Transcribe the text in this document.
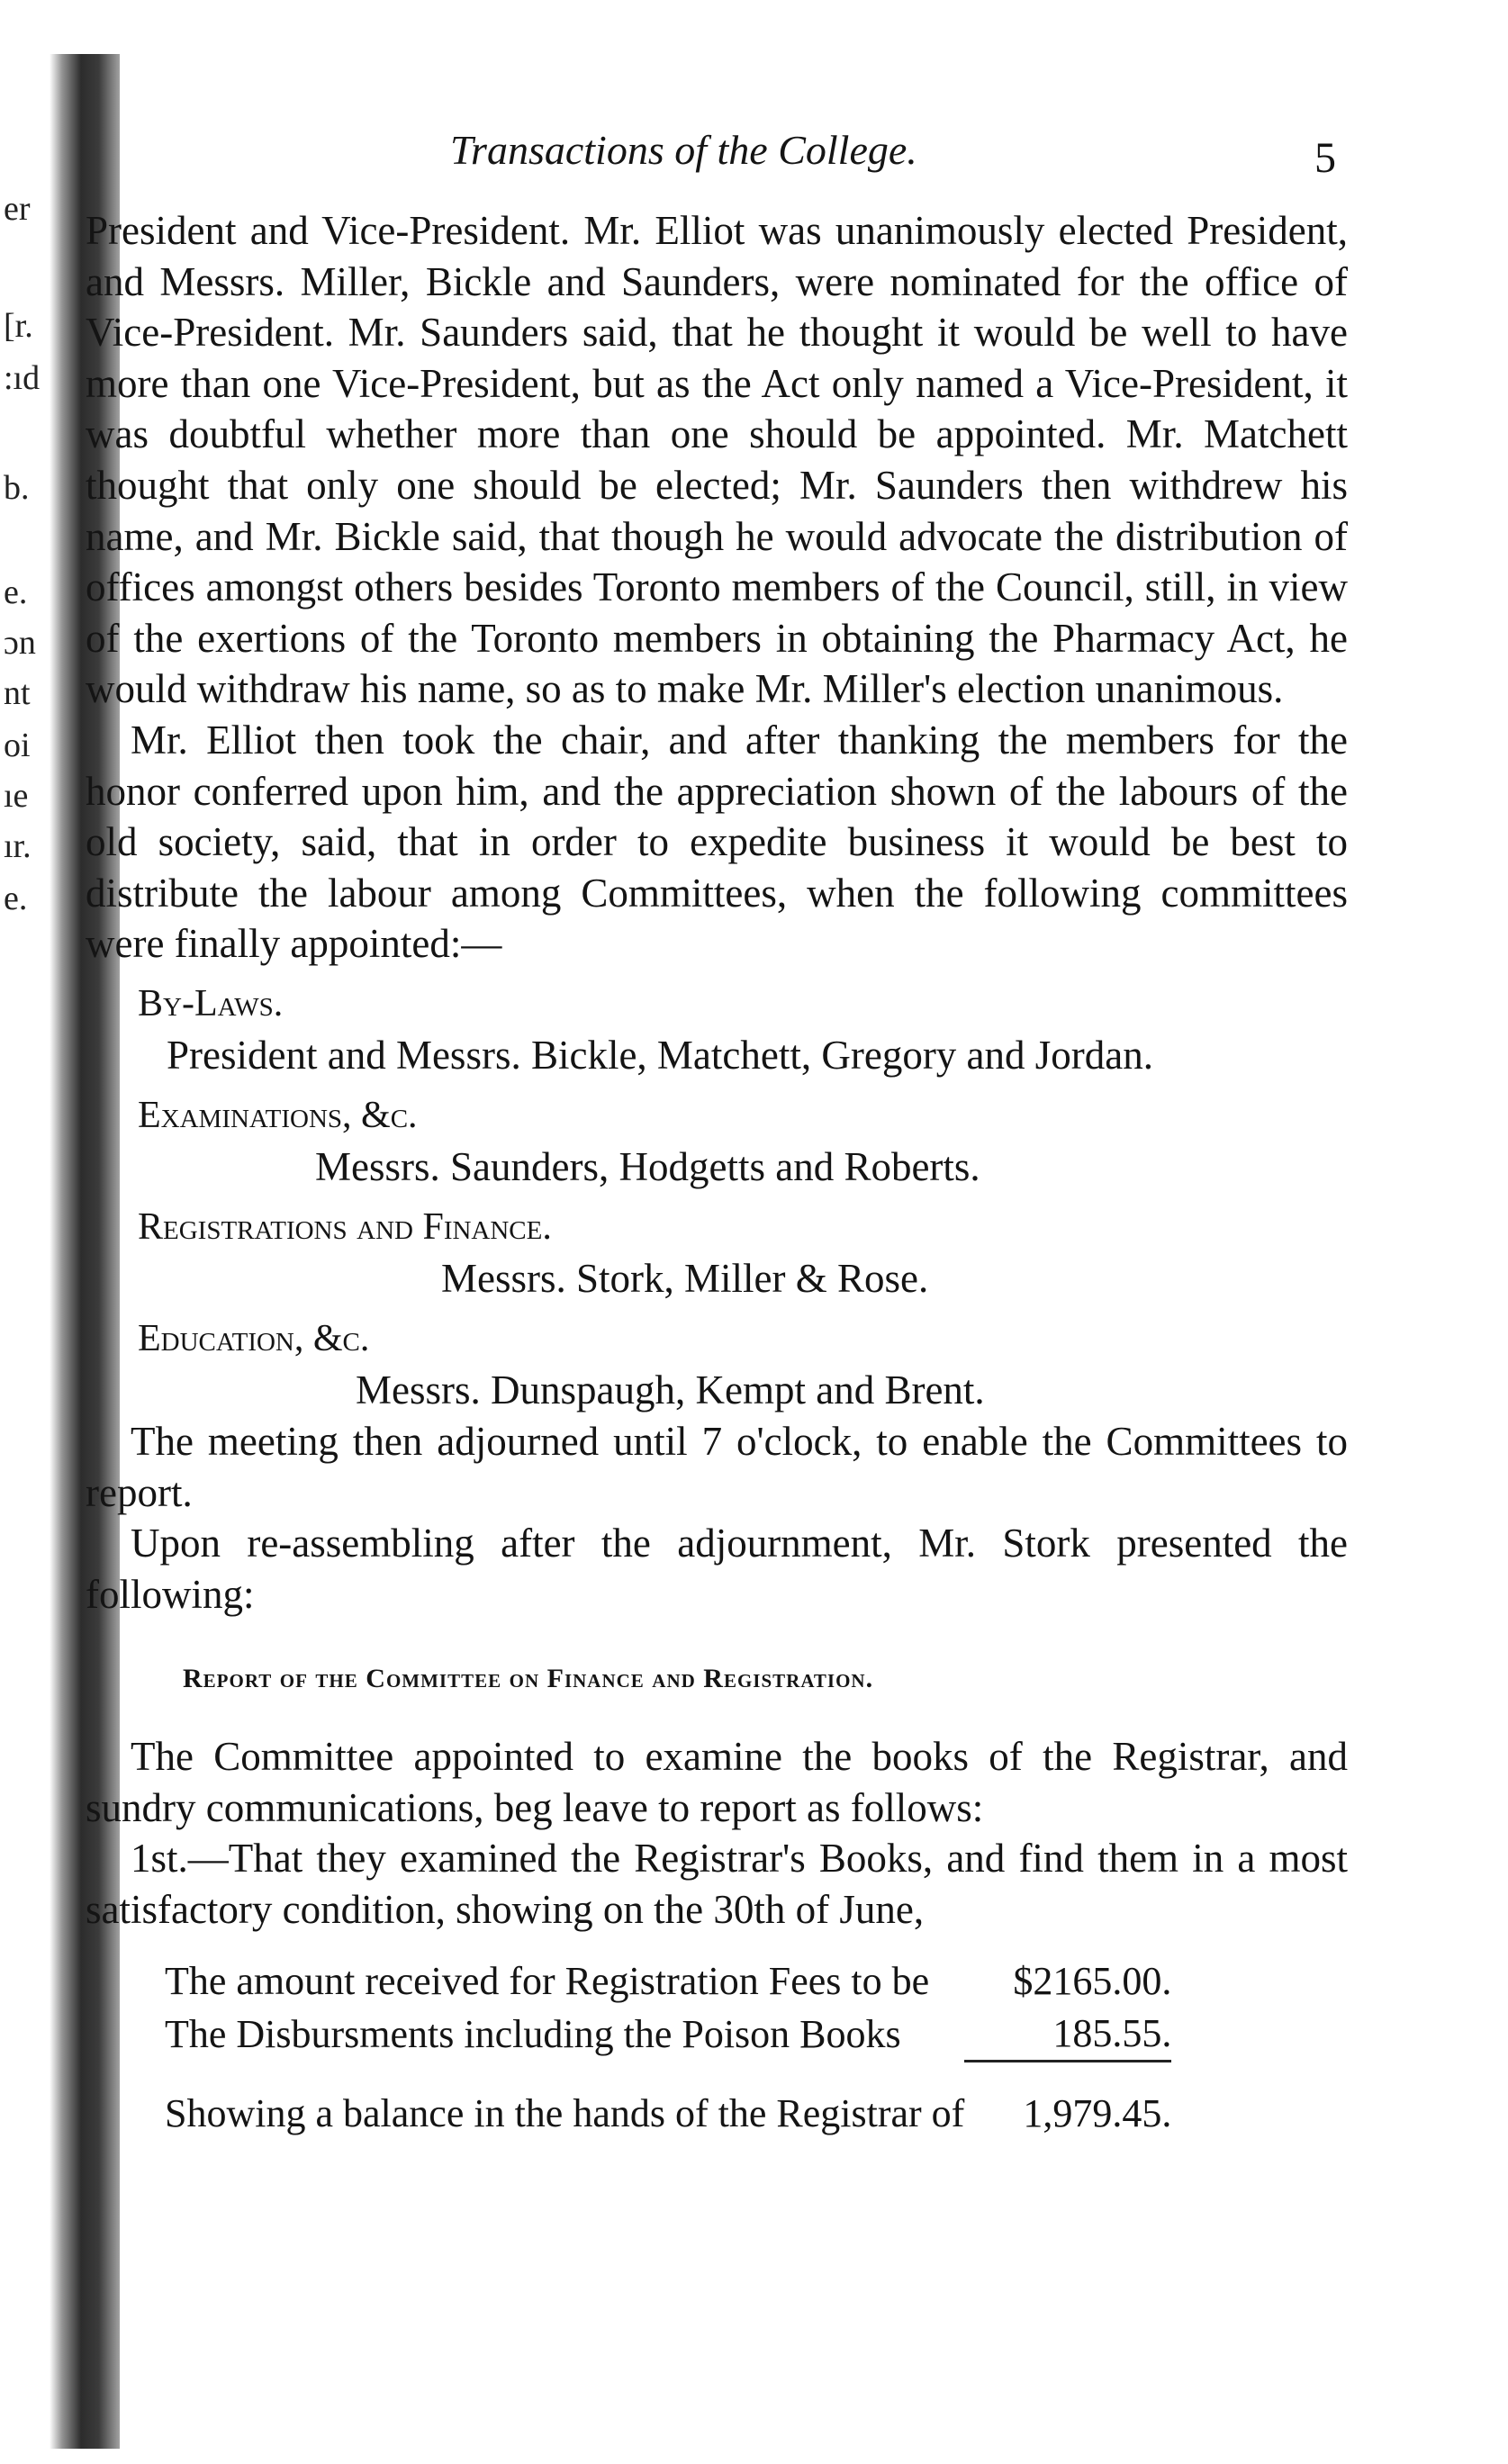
er
[r.
:ıd
b.
e.
ɔn
nt
oi
ıe
ır.
e.
Transactions of the College.	5

President and Vice-President. Mr. Elliot was unanimously elected President, and Messrs. Miller, Bickle and Saunders, were nominated for the office of Vice-President. Mr. Saunders said, that he thought it would be well to have more than one Vice-President, but as the Act only named a Vice-President, it was doubtful whether more than one should be appointed. Mr. Matchett thought that only one should be elected; Mr. Saunders then withdrew his name, and Mr. Bickle said, that though he would advocate the distribution of offices amongst others besides Toronto members of the Council, still, in view of the exertions of the Toronto members in obtaining the Pharmacy Act, he would withdraw his name, so as to make Mr. Miller's election unanimous.

Mr. Elliot then took the chair, and after thanking the members for the honor conferred upon him, and the appreciation shown of the labours of the old society, said, that in order to expedite business it would be best to distribute the labour among Committees, when the following committees were finally appointed:—

By-Laws.
President and Messrs. Bickle, Matchett, Gregory and Jordan.
Examinations, &c.
Messrs. Saunders, Hodgetts and Roberts.
Registrations and Finance.
Messrs. Stork, Miller & Rose.
Education, &c.
Messrs. Dunspaugh, Kempt and Brent.

The meeting then adjourned until 7 o'clock, to enable the Committees to report.

Upon re-assembling after the adjournment, Mr. Stork presented the following:

Report of the Committee on Finance and Registration.

The Committee appointed to examine the books of the Registrar, and sundry communications, beg leave to report as follows:

1st.—That they examined the Registrar's Books, and find them in a most satisfactory condition, showing on the 30th of June,

The amount received for Registration Fees to be	$2165.00.
The Disbursments including the Poison Books	185.55.

Showing a balance in the hands of the Registrar of	1,979.45.
